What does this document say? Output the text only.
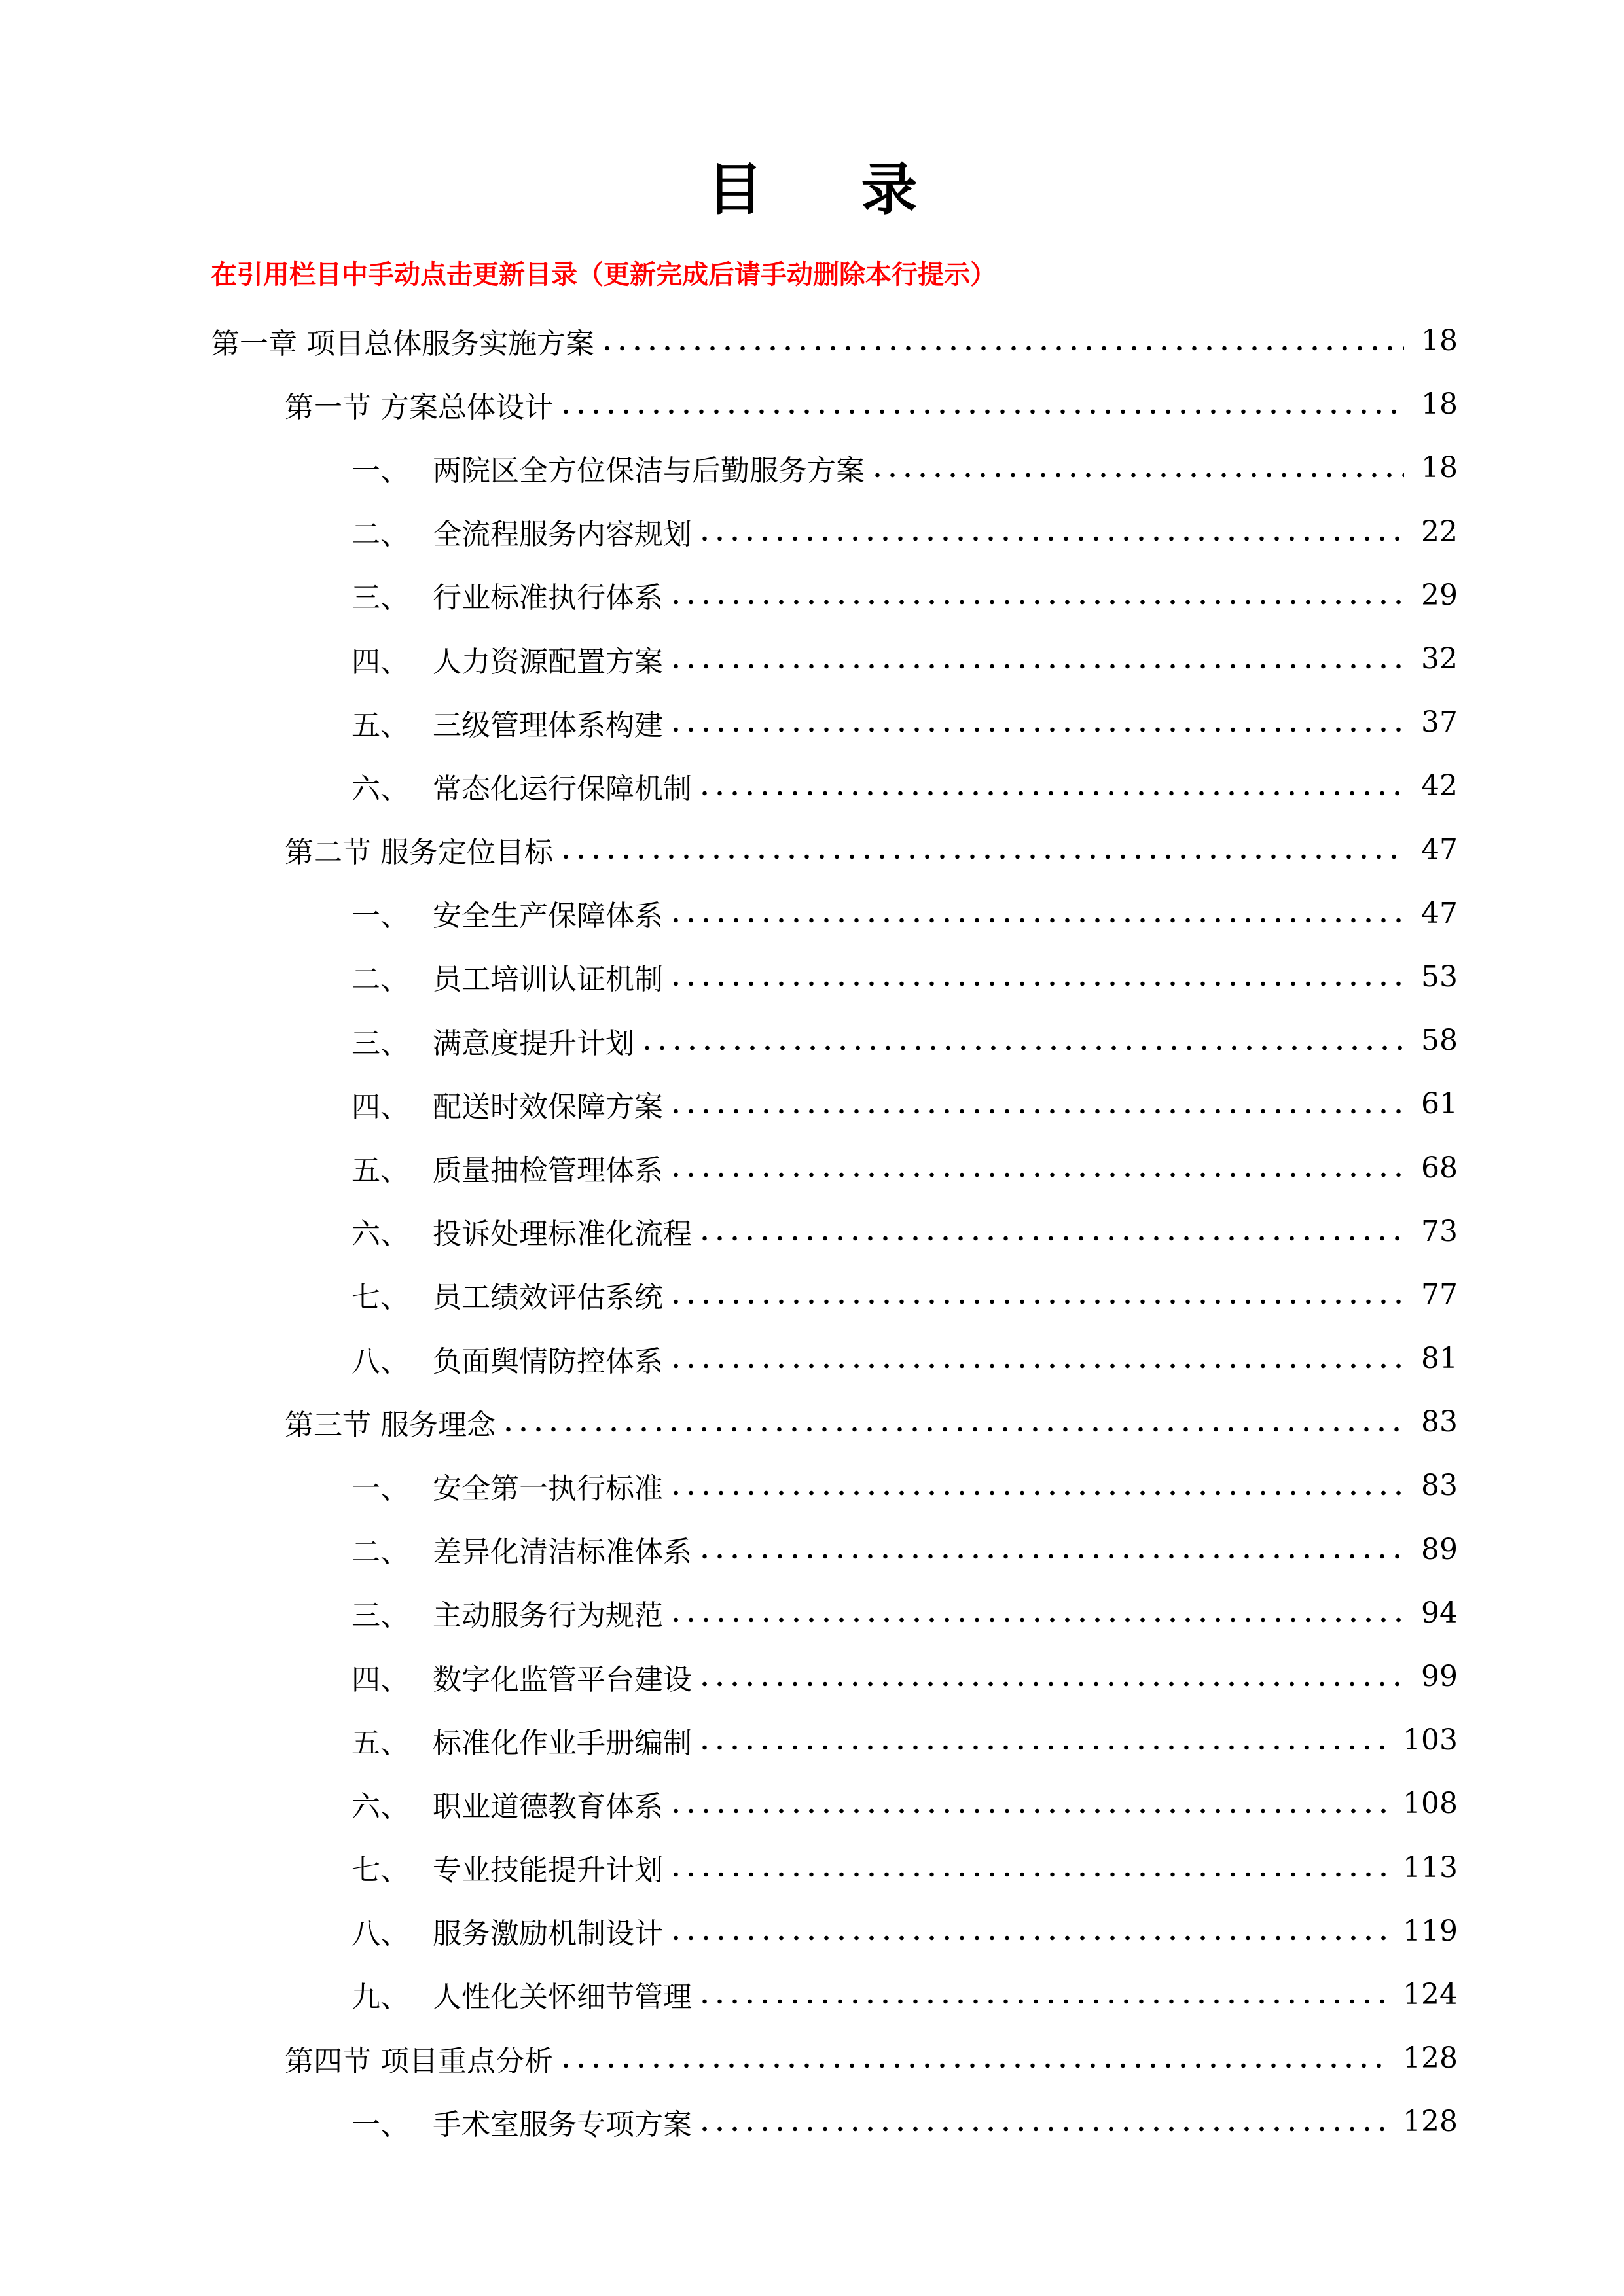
目 录
在引用栏目中手动点击更新目录（更新完成后请手动删除本行提示）
第一章 项目总体服务实施方案	18
第一节 方案总体设计	18
一、 两院区全方位保洁与后勤服务方案	18
二、 全流程服务内容规划	22
三、 行业标准执行体系	29
四、 人力资源配置方案	32
五、 三级管理体系构建	37
六、 常态化运行保障机制	42
第二节 服务定位目标	47
一、 安全生产保障体系	47
二、 员工培训认证机制	53
三、 满意度提升计划	58
四、 配送时效保障方案	61
五、 质量抽检管理体系	68
六、 投诉处理标准化流程	73
七、 员工绩效评估系统	77
八、 负面舆情防控体系	81
第三节 服务理念	83
一、 安全第一执行标准	83
二、 差异化清洁标准体系	89
三、 主动服务行为规范	94
四、 数字化监管平台建设	99
五、 标准化作业手册编制	103
六、 职业道德教育体系	108
七、 专业技能提升计划	113
八、 服务激励机制设计	119
九、 人性化关怀细节管理	124
第四节 项目重点分析	128
一、 手术室服务专项方案	128
